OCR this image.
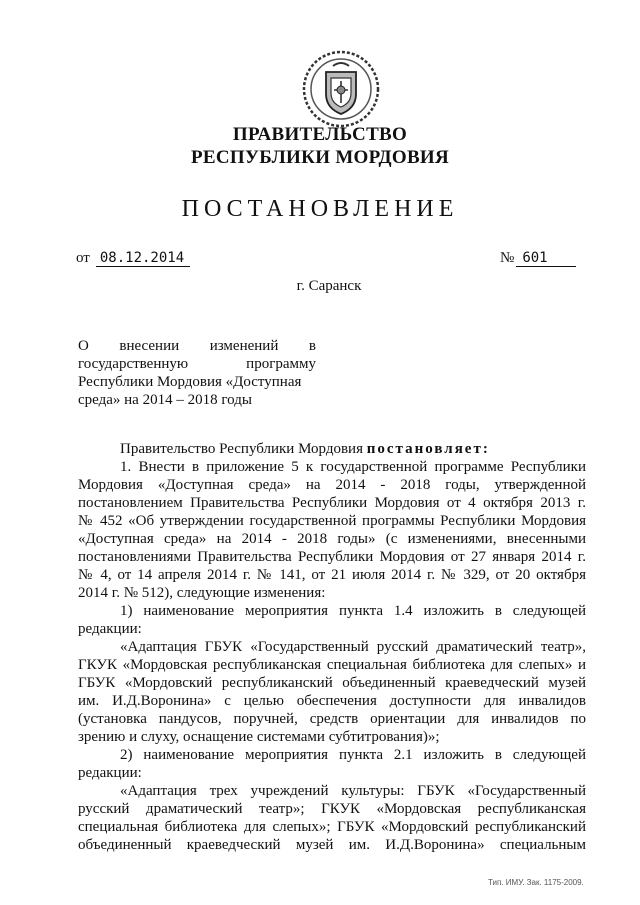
ПРАВИТЕЛЬСТВО
РЕСПУБЛИКИ МОРДОВИЯ
ПОСТАНОВЛЕНИЕ
от 08.12.2014	№ 601
г. Саранск
О внесении изменений в
государственную программу
Республики Мордовия «Доступная
среда» на 2014 – 2018 годы
Правительство Республики Мордовия постановляет:
1. Внести в приложение 5 к государственной программе Республики
Мордовия «Доступная среда» на 2014 - 2018 годы, утвержденной
постановлением Правительства Республики Мордовия от 4 октября 2013 г.
№ 452 «Об утверждении государственной программы Республики Мордовия
«Доступная среда» на 2014 - 2018 годы» (с изменениями, внесенными
постановлениями Правительства Республики Мордовия от 27 января 2014 г.
№ 4, от 14 апреля 2014 г. № 141, от 21 июля 2014 г. № 329, от 20 октября
2014 г. № 512), следующие изменения:
1) наименование мероприятия пункта 1.4 изложить в следующей
редакции:
«Адаптация ГБУК «Государственный русский драматический театр»,
ГКУК «Мордовская республиканская специальная библиотека для слепых» и
ГБУК «Мордовский республиканский объединенный краеведческий музей
им. И.Д.Воронина» с целью обеспечения доступности для инвалидов
(установка пандусов, поручней, средств ориентации для инвалидов по
зрению и слуху, оснащение системами субтитрования)»;
2) наименование мероприятия пункта 2.1 изложить в следующей
редакции:
«Адаптация трех учреждений культуры: ГБУК «Государственный
русский драматический театр»; ГКУК «Мордовская республиканская
специальная библиотека для слепых»; ГБУК «Мордовский республиканский
объединенный краеведческий музей им. И.Д.Воронина» специальным
Тип. ИМУ. Зак. 1175-2009.
